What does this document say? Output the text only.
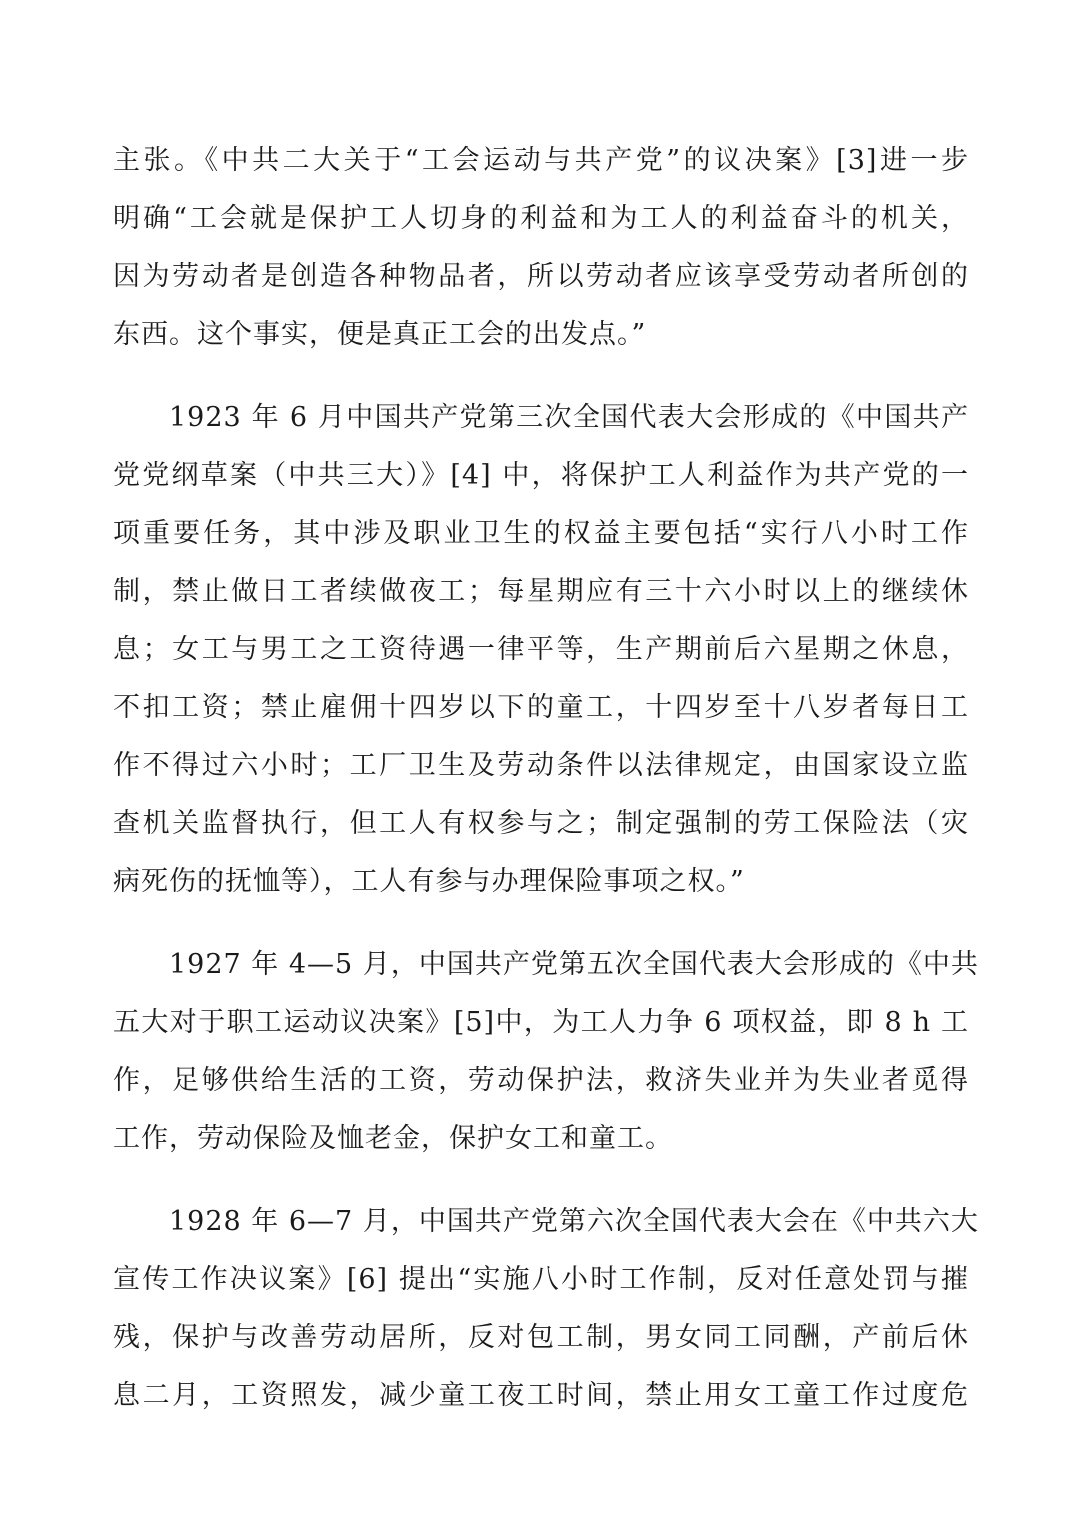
主张。《中共二大关于“工会运动与共产党”的议决案》[3]进一步
明确“工会就是保护工人切身的利益和为工人的利益奋斗的机关，
因为劳动者是创造各种物品者，所以劳动者应该享受劳动者所创的
东西。这个事实，便是真正工会的出发点。”
1923 年 6 月中国共产党第三次全国代表大会形成的《中国共产
党党纲草案（中共三大）》[4] 中，将保护工人利益作为共产党的一
项重要任务，其中涉及职业卫生的权益主要包括“实行八小时工作
制，禁止做日工者续做夜工；每星期应有三十六小时以上的继续休
息；女工与男工之工资待遇一律平等，生产期前后六星期之休息，
不扣工资；禁止雇佣十四岁以下的童工，十四岁至十八岁者每日工
作不得过六小时；工厂卫生及劳动条件以法律规定，由国家设立监
查机关监督执行，但工人有权参与之；制定强制的劳工保险法（灾
病死伤的抚恤等），工人有参与办理保险事项之权。”
1927 年 4—5 月，中国共产党第五次全国代表大会形成的《中共
五大对于职工运动议决案》[5]中，为工人力争 6 项权益，即 8 h 工
作，足够供给生活的工资，劳动保护法，救济失业并为失业者觅得
工作，劳动保险及恤老金，保护女工和童工。
1928 年 6—7 月，中国共产党第六次全国代表大会在《中共六大
宣传工作决议案》[6] 提出“实施八小时工作制，反对任意处罚与摧
残，保护与改善劳动居所，反对包工制，男女同工同酬，产前后休
息二月，工资照发，减少童工夜工时间，禁止用女工童工作过度危
